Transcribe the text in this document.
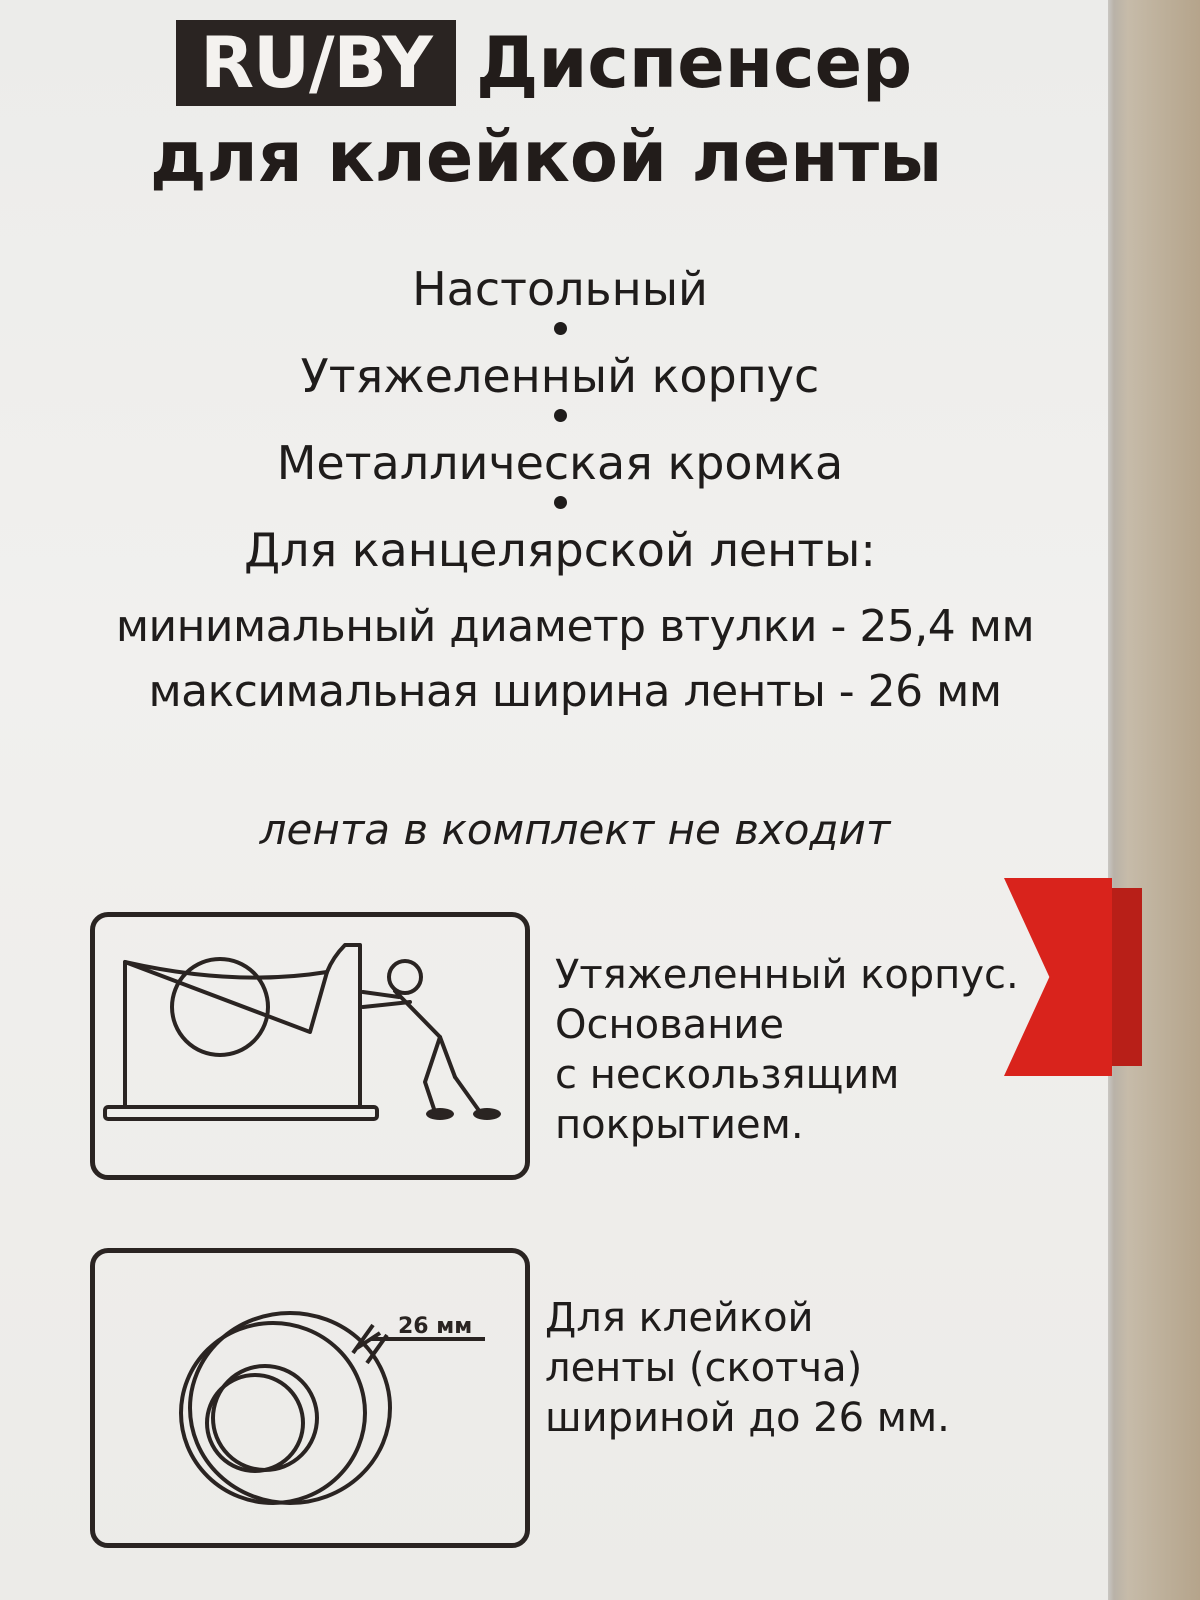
RU/BY Диспенсер
для клейкой ленты
Настольный
Утяжеленный корпус
Металлическая кромка
Для канцелярской ленты:
минимальный диаметр втулки - 25,4 мм
максимальная ширина ленты - 26 мм
лента в комплект не входит
Утяжеленный корпус.
Основание
с нескользящим
покрытием.
26 мм Для клейкой
ленты (скотча)
шириной до 26 мм.
